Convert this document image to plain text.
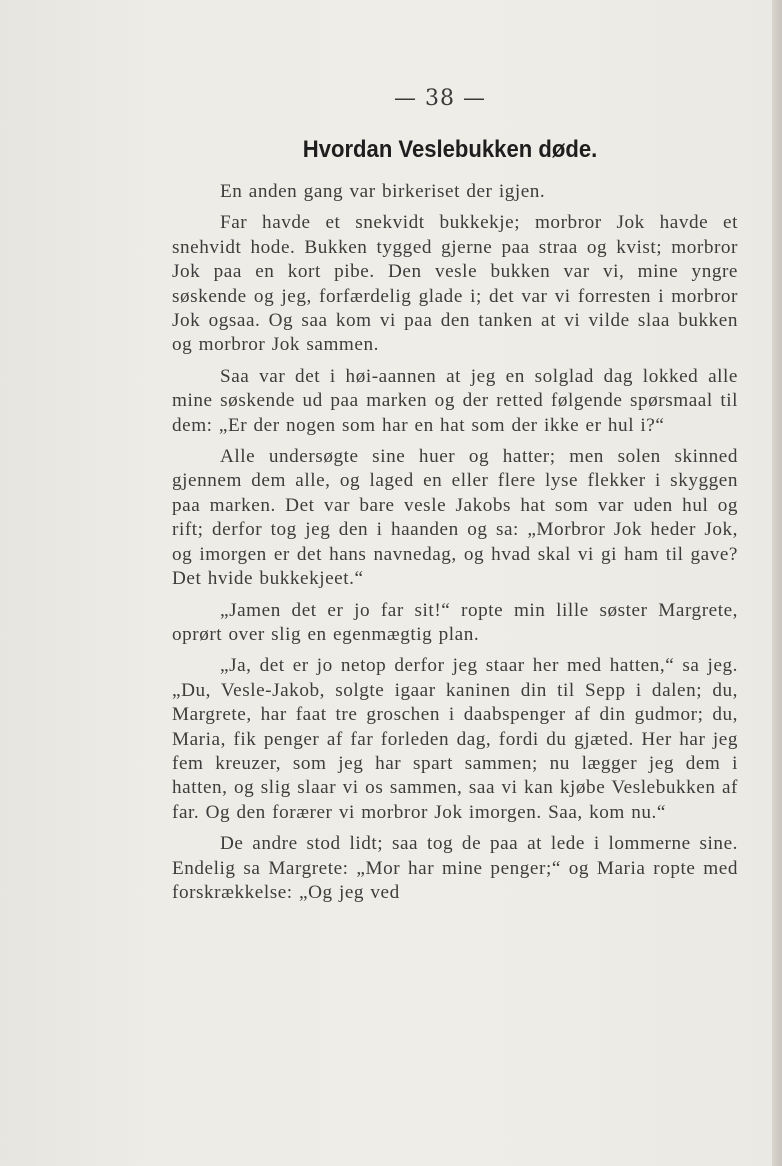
— 38 —
Hvordan Veslebukken døde.

En anden gang var birkeriset der igjen.

Far havde et snekvidt bukkekje; morbror Jok havde et snehvidt hode. Bukken tygged gjerne paa straa og kvist; morbror Jok paa en kort pibe. Den vesle bukken var vi, mine yngre søskende og jeg, forfærdelig glade i; det var vi forresten i morbror Jok ogsaa. Og saa kom vi paa den tanken at vi vilde slaa bukken og morbror Jok sammen.

Saa var det i høi-aannen at jeg en solglad dag lokked alle mine søskende ud paa marken og der retted følgende spørsmaal til dem: „Er der nogen som har en hat som der ikke er hul i?“

Alle undersøgte sine huer og hatter; men solen skinned gjennem dem alle, og laged en eller flere lyse flekker i skyggen paa marken. Det var bare vesle Jakobs hat som var uden hul og rift; derfor tog jeg den i haanden og sa: „Morbror Jok heder Jok, og imorgen er det hans navnedag, og hvad skal vi gi ham til gave? Det hvide bukkekjeet.“

„Jamen det er jo far sit!“ ropte min lille søster Margrete, oprørt over slig en egenmægtig plan.

„Ja, det er jo netop derfor jeg staar her med hatten,“ sa jeg. „Du, Vesle-Jakob, solgte igaar kaninen din til Sepp i dalen; du, Margrete, har faat tre groschen i daabspenger af din gudmor; du, Maria, fik penger af far forleden dag, fordi du gjæted. Her har jeg fem kreuzer, som jeg har spart sammen; nu lægger jeg dem i hatten, og slig slaar vi os sammen, saa vi kan kjøbe Veslebukken af far. Og den forærer vi morbror Jok imorgen. Saa, kom nu.“

De andre stod lidt; saa tog de paa at lede i lommerne sine. Endelig sa Margrete: „Mor har mine penger;“ og Maria ropte med forskrækkelse: „Og jeg ved
